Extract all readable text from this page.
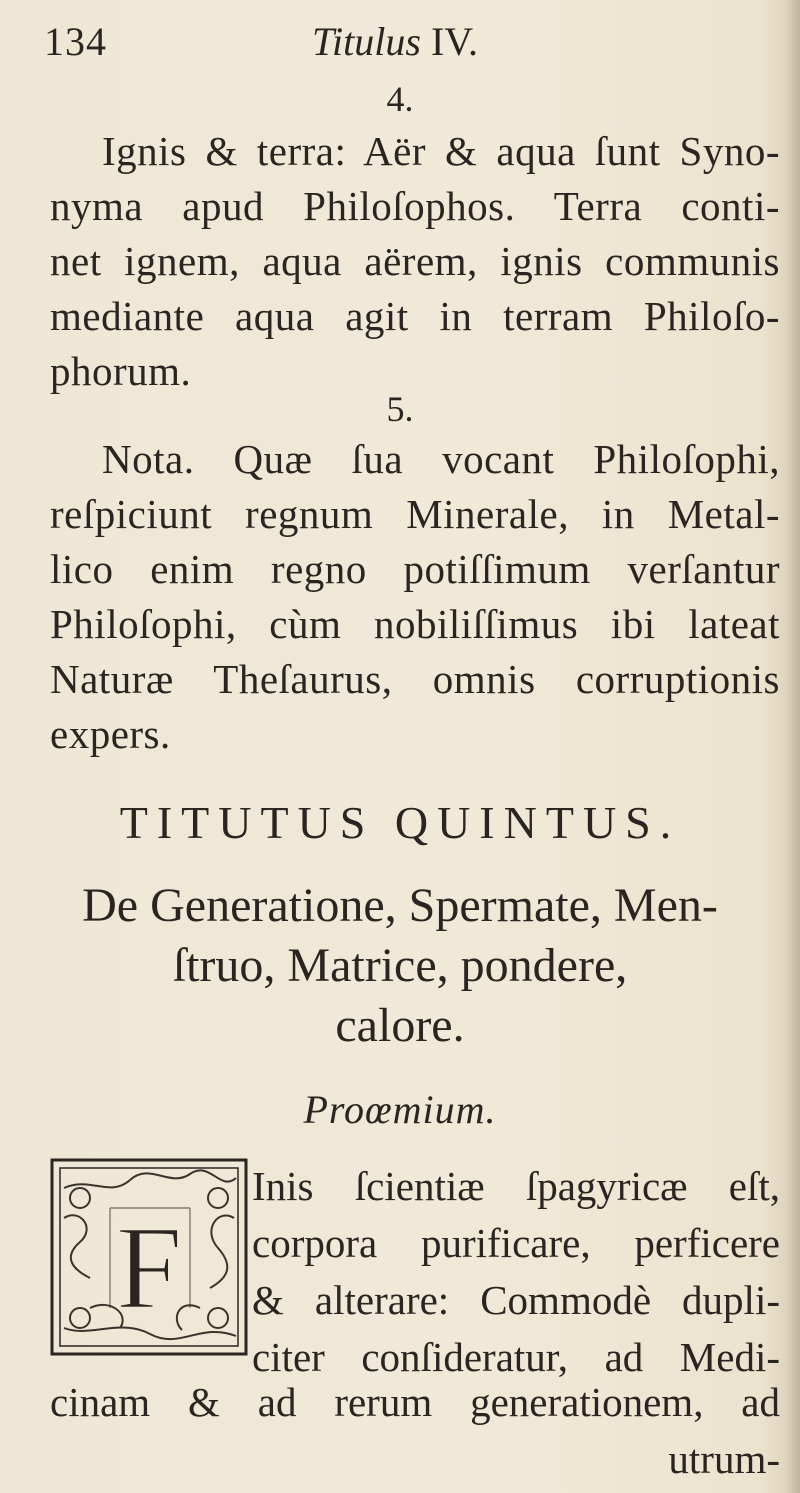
134	Titulus IV.
4.
Ignis & terra: Aër & aqua ſunt Syno-
nyma apud Philoſophos. Terra conti-
net ignem, aqua aërem, ignis communis
mediante aqua agit in terram Philoſo-
phorum.
5.
Nota. Quæ ſua vocant Philoſophi,
reſpiciunt regnum Minerale, in Metal-
lico enim regno potiſſimum verſantur
Philoſophi, cùm nobiliſſimus ibi lateat
Naturæ Theſaurus, omnis corruptionis
expers.
TITUTUS QUINTUS.
De Generatione, Spermate, Men-
ſtruo, Matrice, pondere,
calore.
Proœmium.
F
Inis ſcientiæ ſpagyricæ eſt,
corpora purificare, perficere
& alterare: Commodè dupli-
citer conſideratur, ad Medi-
cinam & ad rerum generationem, ad
utrum-
